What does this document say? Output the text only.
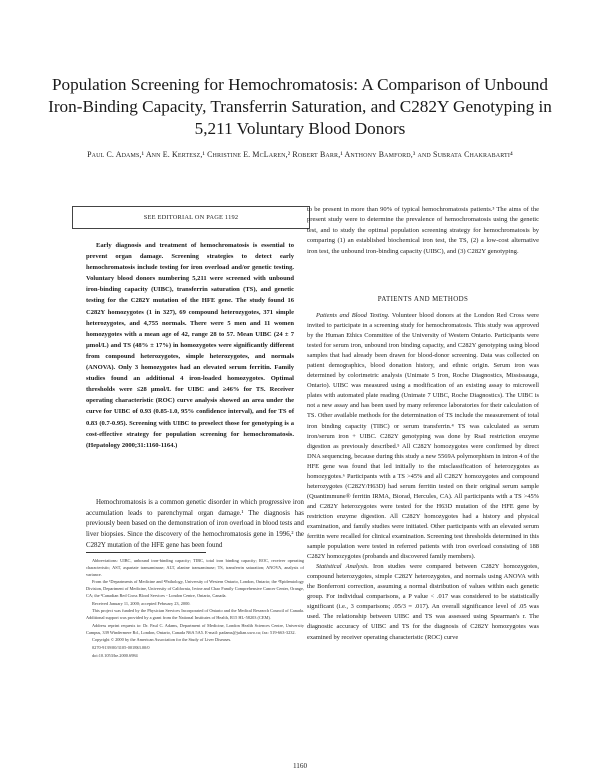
Population Screening for Hemochromatosis: A Comparison of Unbound Iron-Binding Capacity, Transferrin Saturation, and C282Y Genotyping in 5,211 Voluntary Blood Donors
Paul C. Adams,¹ Ann E. Kertesz,¹ Christine E. McLaren,² Robert Barr,¹ Anthony Bamford,³ and Subrata Chakrabarti⁴
SEE EDITORIAL ON PAGE 1192
Early diagnosis and treatment of hemochromatosis is essential to prevent organ damage. Screening strategies to detect early hemochromatosis include testing for iron overload and/or genetic testing. Voluntary blood donors numbering 5,211 were screened with unbound iron-binding capacity (UIBC), transferrin saturation (TS), and genetic testing for the C282Y mutation of the HFE gene. The study found 16 C282Y homozygotes (1 in 327), 69 compound heterozygotes, 371 simple heterozygotes, and 4,755 normals. There were 5 men and 11 women homozygotes with a mean age of 42, range 28 to 57. Mean UIBC (24 ± 7 µmol/L) and TS (48% ± 17%) in homozygotes were significantly different from compound heterozygotes, simple heterozygotes, and normals (ANOVA). Only 3 homozygotes had an elevated serum ferritin. Family studies found an additional 4 iron-loaded homozygotes. Optimal thresholds were ≤28 µmol/L for UIBC and ≥46% for TS. Receiver operating characteristic (ROC) curve analysis showed an area under the curve for UIBC of 0.93 (0.85-1.0, 95% confidence interval), and for TS of 0.83 (0.7-0.95). Screening with UIBC to preselect those for genotyping is a cost-effective strategy for population screening for hemochromatosis. (Hepatology 2000;31:1160-1164.)
Hemochromatosis is a common genetic disorder in which progressive iron accumulation leads to parenchymal organ damage.¹ The diagnosis has previously been based on the demonstration of iron overload in blood tests and liver biopsies. Since the discovery of the hemochromatosis gene in 1996,² the C282Y mutation of the HFE gene has been found

Abbreviations: UIBC, unbound iron-binding capacity; TIBC, total iron binding capacity; ROC, receiver operating characteristic; AST, aspartate transaminase; ALT, alanine transaminase; TS, transferrin saturation; ANOVA, analysis of variance.

From the ¹Departments of Medicine and ⁴Pathology, University of Western Ontario, London, Ontario; the ²Epidemiology Division, Department of Medicine, University of California, Irvine and Chao Family Comprehensive Cancer Center, Orange, CA; the ³Canadian Red Cross Blood Services - London Centre, Ontario, Canada.

Received January 11, 2000; accepted February 23, 2000.

This project was funded by the Physician Services Incorporated of Ontario and the Medical Research Council of Canada. Additional support was provided by a grant from the National Institutes of Health, R15 HL-58203 (CEM).

Address reprint requests to: Dr. Paul C. Adams, Department of Medicine, London Health Sciences Centre, University Campus, 339 Windermere Rd., London, Ontario, Canada N6A 5A5. E-mail: padams@julian.uwo.ca; fax: 519-663-3232.

Copyright © 2000 by the American Association for the Study of Liver Diseases.

0270-9139/00/3105-0018$3.00/0

doi:10.1053/he.2000.6984

to be present in more than 90% of typical hemochromatosis patients.³ The aims of the present study were to determine the prevalence of hemochromatosis using the genetic test, and to study the optimal population screening strategy for hemochromatosis by comparing (1) an established biochemical iron test, the TS, (2) a low-cost alternative iron test, the unbound iron-binding capacity (UIBC), and (3) C282Y genotyping.
PATIENTS AND METHODS

Patients and Blood Testing. Volunteer blood donors at the London Red Cross were invited to participate in a screening study for hemochromatosis. This study was approved by the Human Ethics Committee of the University of Western Ontario. Participants were tested for serum iron, unbound iron binding capacity, and C282Y genotyping using blood samples that had already been drawn for blood-donor screening. Data was collected on patient demographics, blood donation history, and ethnic origin. Serum iron was determined by colorimetric analysis (Unimate 5 Iron, Roche Diagnostics, Mississauga, Ontario). UIBC was measured using a modification of an existing assay to microwell plates with automated plate reading (Unimate 7 UIBC, Roche Diagnostics). The UIBC is not a new assay and has been used by many reference laboratories for their calculation of TS. Other available methods for the determination of TS include the measurement of total iron binding capacity (TIBC) or serum transferrin.⁴ TS was calculated as serum iron/serum iron + UIBC. C282Y genotyping was done by RsaI restriction enzyme digestion as previously described.⁵ All C282Y homozygotes were confirmed by direct DNA sequencing, because during this study a new 5569A polymorphism in intron 4 of the HFE gene was found that led initially to the misclassification of heterozygotes as homozygotes.⁶ Participants with a TS >45% and all C282Y homozygotes and compound heterozygotes (C282Y/H63D) had serum ferritin tested on their original serum sample (Quantimmune® ferritin IRMA, Biorad, Hercules, CA). All participants with a TS >45% and C282Y heterozygotes were tested for the H63D mutation of the HFE gene by restriction enzyme digestion. All C282Y homozygotes had a history and physical examination, and family studies were initiated. Other participants with an elevated serum ferritin were recalled for clinical examination. Screening test thresholds determined in this sample population were tested in referred patients with iron overload consisting of 188 C282Y homozygotes (probands and discovered family members).

Statistical Analysis. Iron studies were compared between C282Y homozygotes, compound heterozygotes, simple C282Y heterozygotes, and normals using ANOVA with the Bonferroni correction, assuming a normal distribution of values within each genetic group. For individual comparisons, a P value < .017 was considered to be statistically significant (i.e., 3 comparisons; .05/3 = .017). An overall significance level of .05 was used. The relationship between UIBC and TS was assessed using Spearman's r. The diagnostic accuracy of UIBC and TS for the diagnosis of C282Y homozygotes was examined by receiver operating characteristic (ROC) curve

1160
